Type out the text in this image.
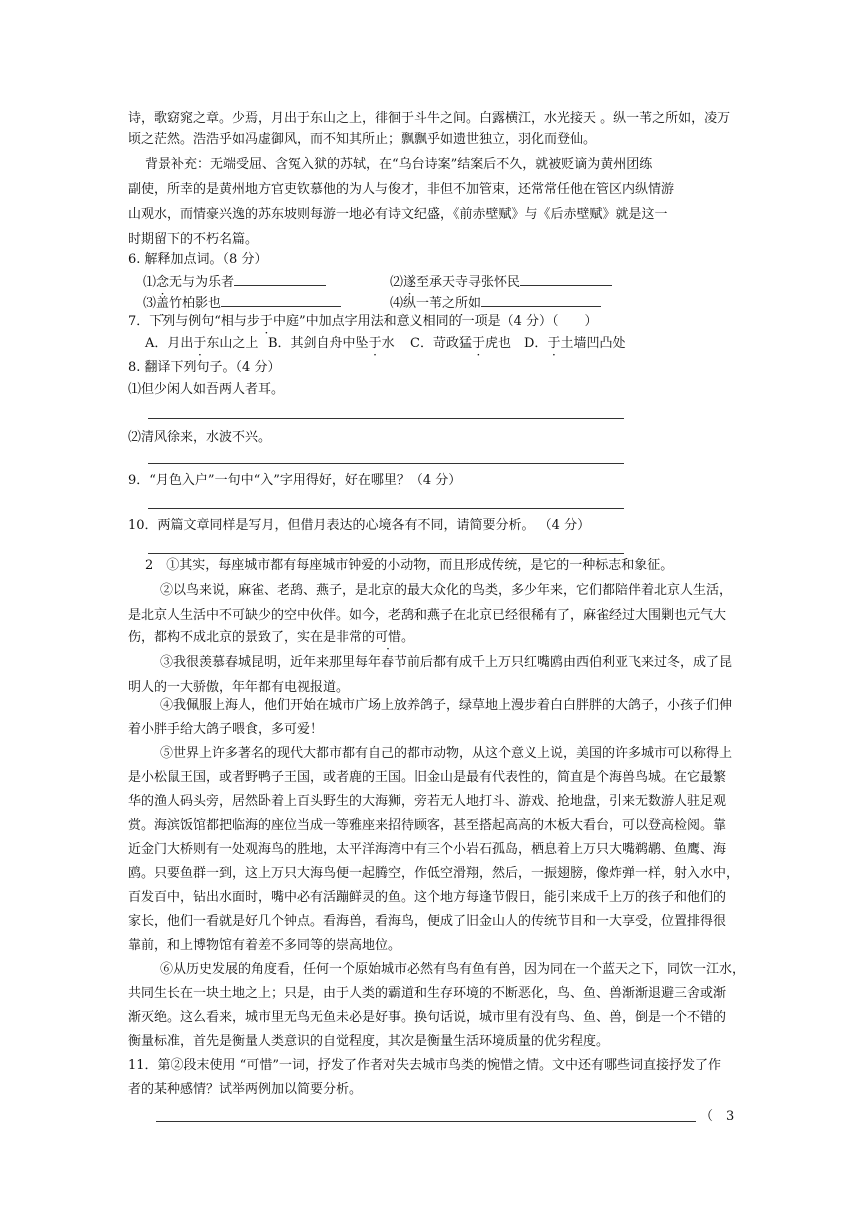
诗，歌窈窕之章。少焉，月出于东山之上，徘徊于斗牛之间。白露横江，水光接天 。纵一苇之所如，凌万
顷之茫然。浩浩乎如冯虚御风，而不知其所止；飘飘乎如遗世独立，羽化而登仙。
背景补充：无端受屈、含冤入狱的苏轼，在“乌台诗案”结案后不久，就被贬谪为黄州团练
副使，所幸的是黄州地方官吏钦慕他的为人与俊才，非但不加管束，还常常任他在管区内纵情游
山观水，而情豪兴逸的苏东坡则每游一地必有诗文纪盛，《前赤壁赋》与《后赤壁赋》就是这一
时期留下的不朽名篇。
6. 解释加点词。（8 分）
⑴念无与为乐者	⑵遂至承天寺寻张怀民
⑶盖竹柏影也	⑷纵一苇之所如
7．下列与例句“相与步于中庭”中加点字用法和意义相同的一项是（4 分）（　　）
A．月出于东山之上 B．其剑自舟中坠于水 C．苛政猛于虎也 D．于土墙凹凸处
8. 翻译下列句子。（4 分）
⑴但少闲人如吾两人者耳。
⑵清风徐来，水波不兴。
9．“月色入户”一句中“入”字用得好，好在哪里？（4 分）
10．两篇文章同样是写月，但借月表达的心境各有不同，请简要分析。 （4 分）
2　①其实，每座城市都有每座城市钟爱的小动物，而且形成传统，是它的一种标志和象征。
②以鸟来说，麻雀、老鸹、燕子，是北京的最大众化的鸟类，多少年来，它们都陪伴着北京人生活，
是北京人生活中不可缺少的空中伙伴。如今，老鸹和燕子在北京已经很稀有了，麻雀经过大围剿也元气大
伤，都构不成北京的景致了，实在是非常的可惜。
③我很羡慕春城昆明，近年来那里每年春节前后都有成千上万只红嘴鸥由西伯利亚飞来过冬，成了昆
明人的一大骄傲，年年都有电视报道。
④我佩服上海人，他们开始在城市广场上放养鸽子，绿草地上漫步着白白胖胖的大鸽子，小孩子们伸
着小胖手给大鸽子喂食，多可爱！
⑤世界上许多著名的现代大都市都有自己的都市动物，从这个意义上说，美国的许多城市可以称得上
是小松鼠王国，或者野鸭子王国，或者鹿的王国。旧金山是最有代表性的，简直是个海兽鸟城。在它最繁
华的渔人码头旁，居然卧着上百头野生的大海狮，旁若无人地打斗、游戏、抢地盘，引来无数游人驻足观
赏。海滨饭馆都把临海的座位当成一等雅座来招待顾客，甚至搭起高高的木板大看台，可以登高检阅。靠
近金门大桥则有一处观海鸟的胜地，太平洋海湾中有三个小岩石孤岛，栖息着上万只大嘴鹈鹕、鱼鹰、海
鸥。只要鱼群一到，这上万只大海鸟便一起腾空，作低空滑翔，然后，一振翅膀，像炸弹一样，射入水中，
百发百中，钻出水面时，嘴中必有活蹦鲜灵的鱼。这个地方每逢节假日，能引来成千上万的孩子和他们的
家长，他们一看就是好几个钟点。看海兽，看海鸟，便成了旧金山人的传统节目和一大享受，位置排得很
靠前，和上博物馆有着差不多同等的崇高地位。
⑥从历史发展的角度看，任何一个原始城市必然有鸟有鱼有兽，因为同在一个蓝天之下，同饮一江水，
共同生长在一块土地之上；只是，由于人类的霸道和生存环境的不断恶化，鸟、鱼、兽渐渐退避三舍或渐
渐灭绝。这么看来，城市里无鸟无鱼未必是好事。换句话说，城市里有没有鸟、鱼、兽，倒是一个不错的
衡量标准，首先是衡量人类意识的自觉程度，其次是衡量生活环境质量的优劣程度。
11．第②段末使用 “可惜”一词，抒发了作者对失去城市鸟类的惋惜之情。文中还有哪些词直接抒发了作
者的某种感情？试举两例加以简要分析。
（　3
